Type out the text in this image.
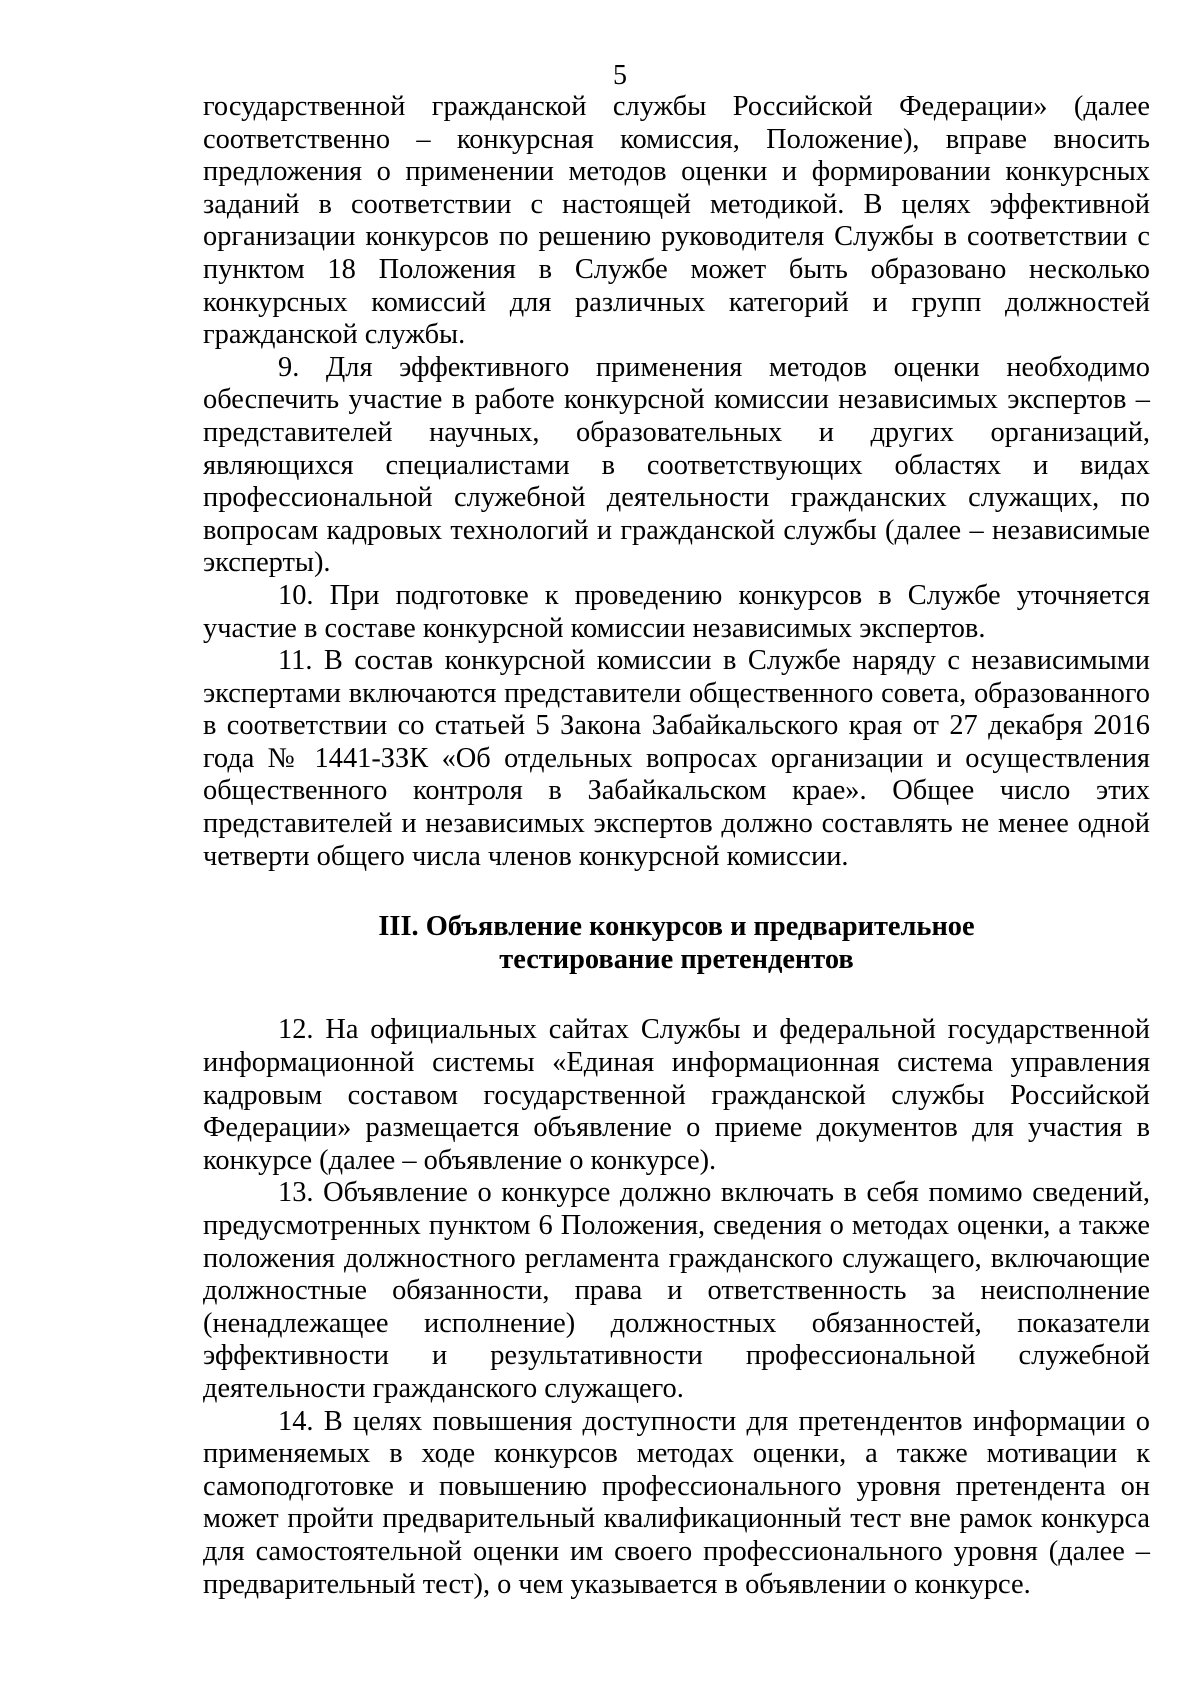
5

государственной гражданской службы Российской Федерации» (далее соответственно – конкурсная комиссия, Положение), вправе вносить предложения о применении методов оценки и формировании конкурсных заданий в соответствии с настоящей методикой. В целях эффективной организации конкурсов по решению руководителя Службы в соответствии с пунктом 18 Положения в Службе может быть образовано несколько конкурсных комиссий для различных категорий и групп должностей гражданской службы.

9. Для эффективного применения методов оценки необходимо обеспечить участие в работе конкурсной комиссии независимых экспертов – представителей научных, образовательных и других организаций, являющихся специалистами в соответствующих областях и видах профессиональной служебной деятельности гражданских служащих, по вопросам кадровых технологий и гражданской службы (далее – независимые эксперты).

10. При подготовке к проведению конкурсов в Службе уточняется участие в составе конкурсной комиссии независимых экспертов.

11. В состав конкурсной комиссии в Службе наряду с независимыми экспертами включаются представители общественного совета, образованного в соответствии со статьей 5 Закона Забайкальского края от 27 декабря 2016 года № 1441-ЗЗК «Об отдельных вопросах организации и осуществления общественного контроля в Забайкальском крае». Общее число этих представителей и независимых экспертов должно составлять не менее одной четверти общего числа членов конкурсной комиссии.

III. Объявление конкурсов и предварительное
тестирование претендентов

12. На официальных сайтах Службы и федеральной государственной информационной системы «Единая информационная система управления кадровым составом государственной гражданской службы Российской Федерации» размещается объявление о приеме документов для участия в конкурсе (далее – объявление о конкурсе).

13. Объявление о конкурсе должно включать в себя помимо сведений, предусмотренных пунктом 6 Положения, сведения о методах оценки, а также положения должностного регламента гражданского служащего, включающие должностные обязанности, права и ответственность за неисполнение (ненадлежащее исполнение) должностных обязанностей, показатели эффективности и результативности профессиональной служебной деятельности гражданского служащего.

14. В целях повышения доступности для претендентов информации о применяемых в ходе конкурсов методах оценки, а также мотивации к самоподготовке и повышению профессионального уровня претендента он может пройти предварительный квалификационный тест вне рамок конкурса для самостоятельной оценки им своего профессионального уровня (далее – предварительный тест), о чем указывается в объявлении о конкурсе.
